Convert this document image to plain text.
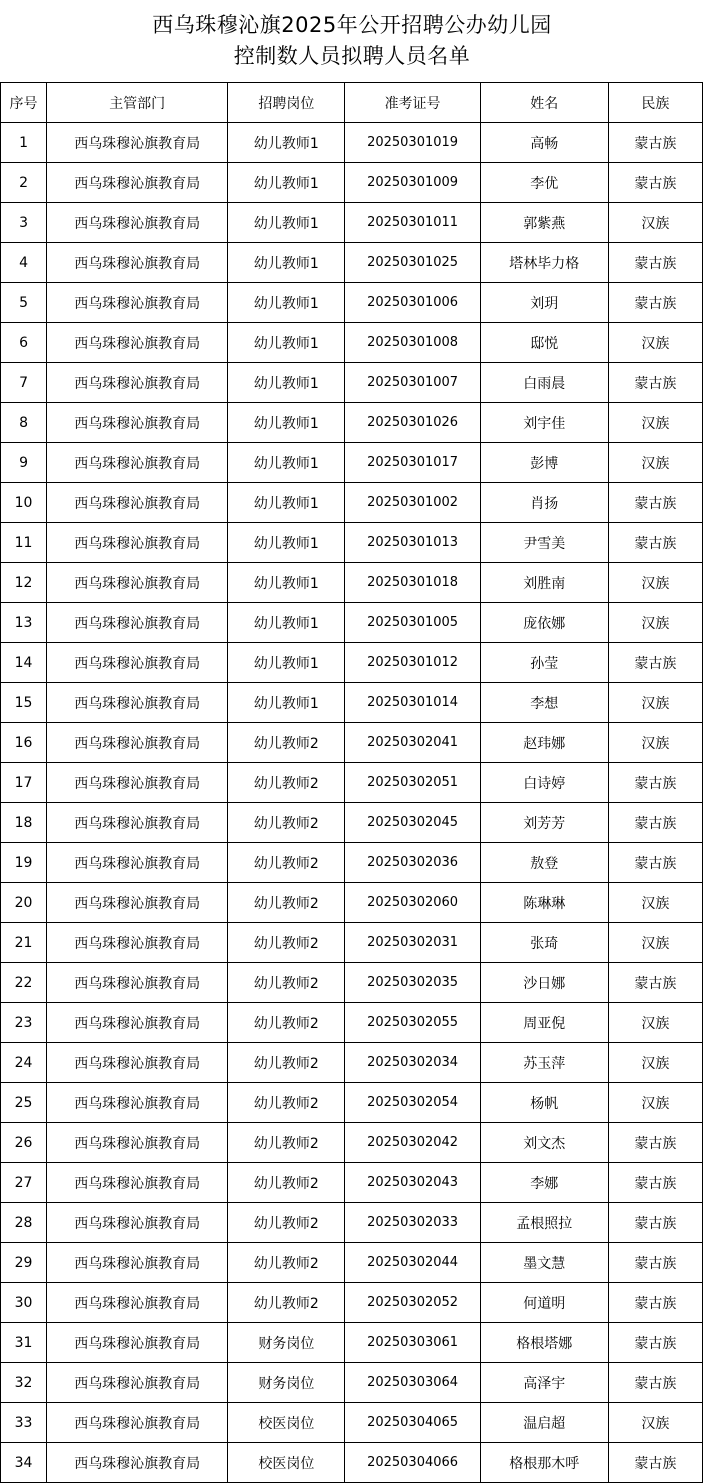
西乌珠穆沁旗2025年公开招聘公办幼儿园
控制数人员拟聘人员名单
序号	主管部门	招聘岗位	准考证号	姓名	民族
1	西乌珠穆沁旗教育局	幼儿教师1	20250301019	高畅	蒙古族
2	西乌珠穆沁旗教育局	幼儿教师1	20250301009	李优	蒙古族
3	西乌珠穆沁旗教育局	幼儿教师1	20250301011	郭紫燕	汉族
4	西乌珠穆沁旗教育局	幼儿教师1	20250301025	塔林毕力格	蒙古族
5	西乌珠穆沁旗教育局	幼儿教师1	20250301006	刘玥	蒙古族
6	西乌珠穆沁旗教育局	幼儿教师1	20250301008	邸悦	汉族
7	西乌珠穆沁旗教育局	幼儿教师1	20250301007	白雨晨	蒙古族
8	西乌珠穆沁旗教育局	幼儿教师1	20250301026	刘宇佳	汉族
9	西乌珠穆沁旗教育局	幼儿教师1	20250301017	彭博	汉族
10	西乌珠穆沁旗教育局	幼儿教师1	20250301002	肖扬	蒙古族
11	西乌珠穆沁旗教育局	幼儿教师1	20250301013	尹雪美	蒙古族
12	西乌珠穆沁旗教育局	幼儿教师1	20250301018	刘胜南	汉族
13	西乌珠穆沁旗教育局	幼儿教师1	20250301005	庞依娜	汉族
14	西乌珠穆沁旗教育局	幼儿教师1	20250301012	孙莹	蒙古族
15	西乌珠穆沁旗教育局	幼儿教师1	20250301014	李想	汉族
16	西乌珠穆沁旗教育局	幼儿教师2	20250302041	赵玮娜	汉族
17	西乌珠穆沁旗教育局	幼儿教师2	20250302051	白诗婷	蒙古族
18	西乌珠穆沁旗教育局	幼儿教师2	20250302045	刘芳芳	蒙古族
19	西乌珠穆沁旗教育局	幼儿教师2	20250302036	敖登	蒙古族
20	西乌珠穆沁旗教育局	幼儿教师2	20250302060	陈琳琳	汉族
21	西乌珠穆沁旗教育局	幼儿教师2	20250302031	张琦	汉族
22	西乌珠穆沁旗教育局	幼儿教师2	20250302035	沙日娜	蒙古族
23	西乌珠穆沁旗教育局	幼儿教师2	20250302055	周亚倪	汉族
24	西乌珠穆沁旗教育局	幼儿教师2	20250302034	苏玉萍	汉族
25	西乌珠穆沁旗教育局	幼儿教师2	20250302054	杨帆	汉族
26	西乌珠穆沁旗教育局	幼儿教师2	20250302042	刘文杰	蒙古族
27	西乌珠穆沁旗教育局	幼儿教师2	20250302043	李娜	蒙古族
28	西乌珠穆沁旗教育局	幼儿教师2	20250302033	孟根照拉	蒙古族
29	西乌珠穆沁旗教育局	幼儿教师2	20250302044	墨文慧	蒙古族
30	西乌珠穆沁旗教育局	幼儿教师2	20250302052	何道明	蒙古族
31	西乌珠穆沁旗教育局	财务岗位	20250303061	格根塔娜	蒙古族
32	西乌珠穆沁旗教育局	财务岗位	20250303064	高泽宇	蒙古族
33	西乌珠穆沁旗教育局	校医岗位	20250304065	温启超	汉族
34	西乌珠穆沁旗教育局	校医岗位	20250304066	格根那木呼	蒙古族
